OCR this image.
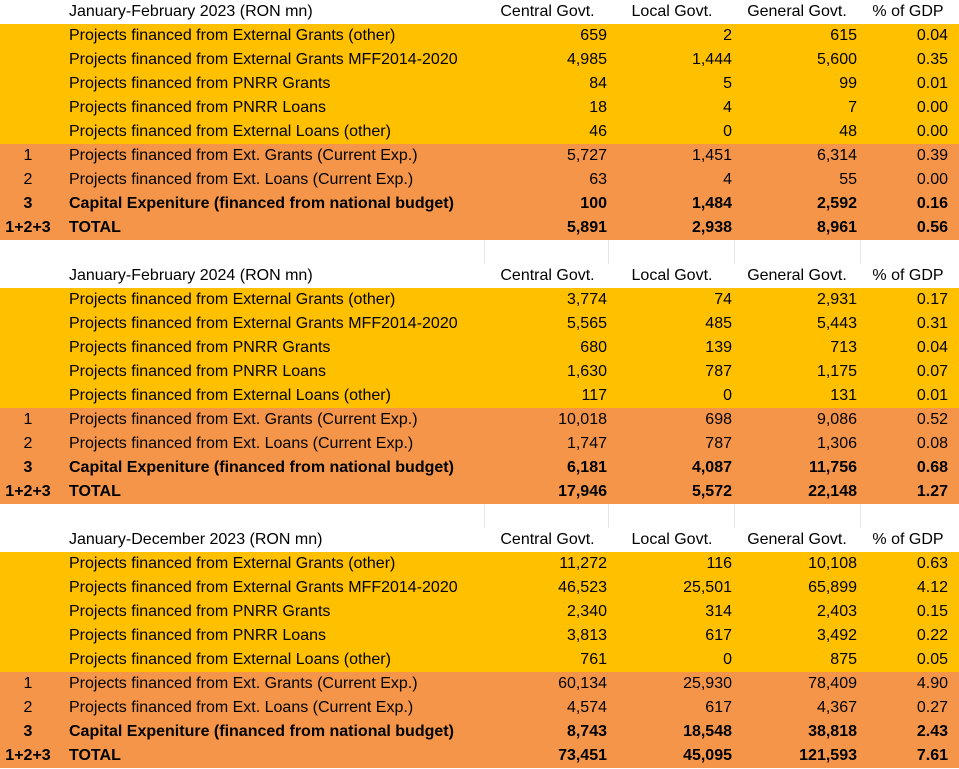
January-February 2023 (RON mn)	Central Govt.	Local Govt.	General Govt.	% of GDP
Projects financed from External Grants (other)	659	2	615	0.04
Projects financed from External Grants MFF2014-2020	4,985	1,444	5,600	0.35
Projects financed from PNRR Grants	84	5	99	0.01
Projects financed from PNRR Loans	18	4	7	0.00
Projects financed from External Loans (other)	46	0	48	0.00
1	Projects financed from Ext. Grants (Current Exp.)	5,727	1,451	6,314	0.39
2	Projects financed from Ext. Loans (Current Exp.)	63	4	55	0.00
3	Capital Expeniture (financed from national budget)	100	1,484	2,592	0.16
1+2+3	TOTAL	5,891	2,938	8,961	0.56
January-February 2024 (RON mn)	Central Govt.	Local Govt.	General Govt.	% of GDP
Projects financed from External Grants (other)	3,774	74	2,931	0.17
Projects financed from External Grants MFF2014-2020	5,565	485	5,443	0.31
Projects financed from PNRR Grants	680	139	713	0.04
Projects financed from PNRR Loans	1,630	787	1,175	0.07
Projects financed from External Loans (other)	117	0	131	0.01
1	Projects financed from Ext. Grants (Current Exp.)	10,018	698	9,086	0.52
2	Projects financed from Ext. Loans (Current Exp.)	1,747	787	1,306	0.08
3	Capital Expeniture (financed from national budget)	6,181	4,087	11,756	0.68
1+2+3	TOTAL	17,946	5,572	22,148	1.27
January-December 2023 (RON mn)	Central Govt.	Local Govt.	General Govt.	% of GDP
Projects financed from External Grants (other)	11,272	116	10,108	0.63
Projects financed from External Grants MFF2014-2020	46,523	25,501	65,899	4.12
Projects financed from PNRR Grants	2,340	314	2,403	0.15
Projects financed from PNRR Loans	3,813	617	3,492	0.22
Projects financed from External Loans (other)	761	0	875	0.05
1	Projects financed from Ext. Grants (Current Exp.)	60,134	25,930	78,409	4.90
2	Projects financed from Ext. Loans (Current Exp.)	4,574	617	4,367	0.27
3	Capital Expeniture (financed from national budget)	8,743	18,548	38,818	2.43
1+2+3	TOTAL	73,451	45,095	121,593	7.61
